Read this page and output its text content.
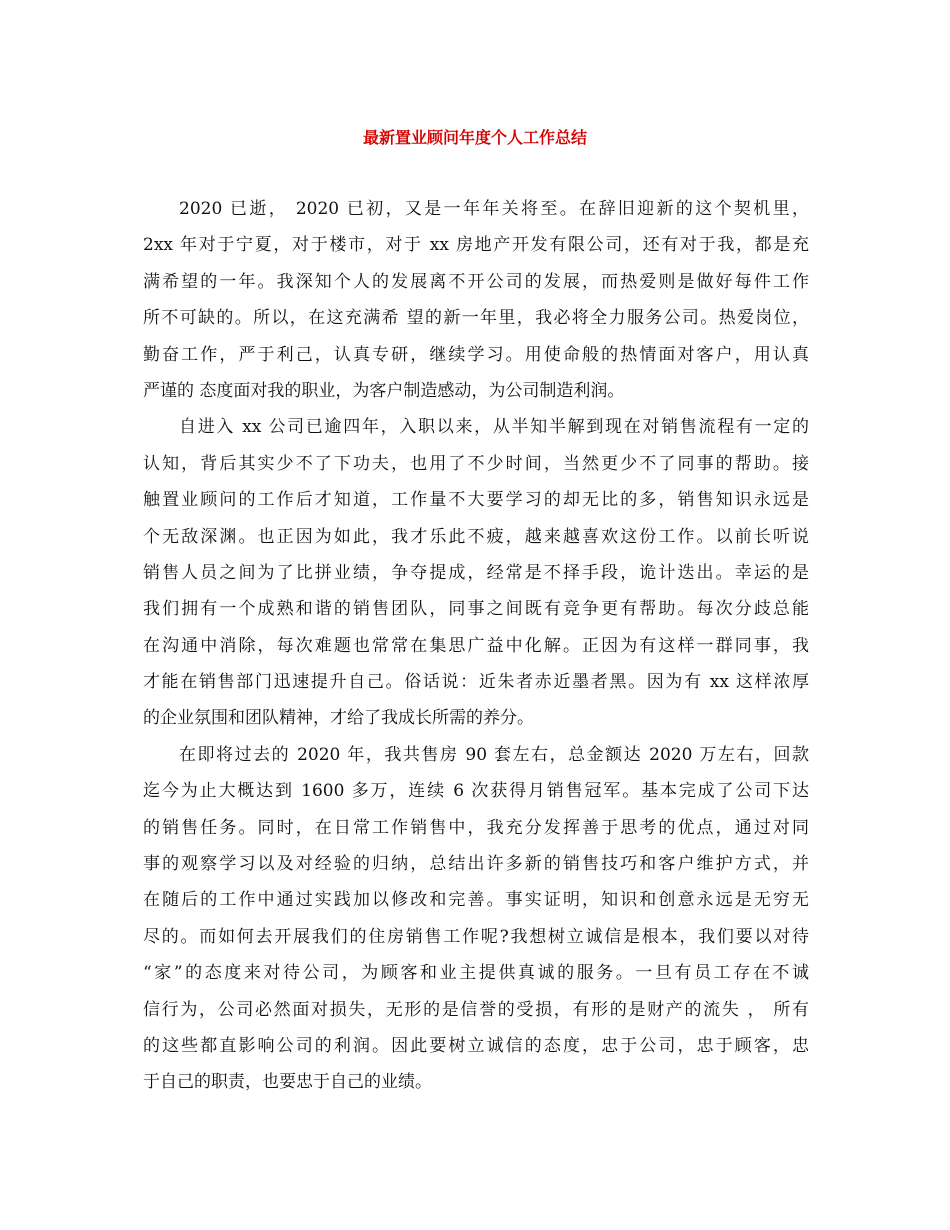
最新置业顾问年度个人工作总结
2020 已逝， 2020 已初，又是一年年关将至。在辞旧迎新的这个契机里，
2xx 年对于宁夏，对于楼市，对于 xx 房地产开发有限公司，还有对于我，都是充
满希望的一年。我深知个人的发展离不开公司的发展，而热爱则是做好每件工作
所不可缺的。所以，在这充满希 望的新一年里，我必将全力服务公司。热爱岗位，
勤奋工作，严于利己，认真专研，继续学习。用使命般的热情面对客户，用认真
严谨的 态度面对我的职业，为客户制造感动，为公司制造利润。
自进入 xx 公司已逾四年，入职以来，从半知半解到现在对销售流程有一定的
认知，背后其实少不了下功夫，也用了不少时间，当然更少不了同事的帮助。接
触置业顾问的工作后才知道，工作量不大要学习的却无比的多，销售知识永远是
个无敌深渊。也正因为如此，我才乐此不疲，越来越喜欢这份工作。以前长听说
销售人员之间为了比拼业绩，争夺提成，经常是不择手段，诡计迭出。幸运的是
我们拥有一个成熟和谐的销售团队，同事之间既有竞争更有帮助。每次分歧总能
在沟通中消除，每次难题也常常在集思广益中化解。正因为有这样一群同事，我
才能在销售部门迅速提升自己。俗话说：近朱者赤近墨者黑。因为有 xx 这样浓厚
的企业氛围和团队精神，才给了我成长所需的养分。
在即将过去的 2020 年，我共售房 90 套左右，总金额达 2020 万左右，回款
迄今为止大概达到 1600 多万，连续 6 次获得月销售冠军。基本完成了公司下达
的销售任务。同时，在日常工作销售中，我充分发挥善于思考的优点，通过对同
事的观察学习以及对经验的归纳，总结出许多新的销售技巧和客户维护方式，并
在随后的工作中通过实践加以修改和完善。事实证明，知识和创意永远是无穷无
尽的。而如何去开展我们的住房销售工作呢?我想树立诚信是根本，我们要以对待
“家”的态度来对待公司，为顾客和业主提供真诚的服务。一旦有员工存在不诚
信行为，公司必然面对损失，无形的是信誉的受损，有形的是财产的流失 ， 所有
的这些都直影响公司的利润。因此要树立诚信的态度，忠于公司，忠于顾客，忠
于自己的职责，也要忠于自己的业绩。
